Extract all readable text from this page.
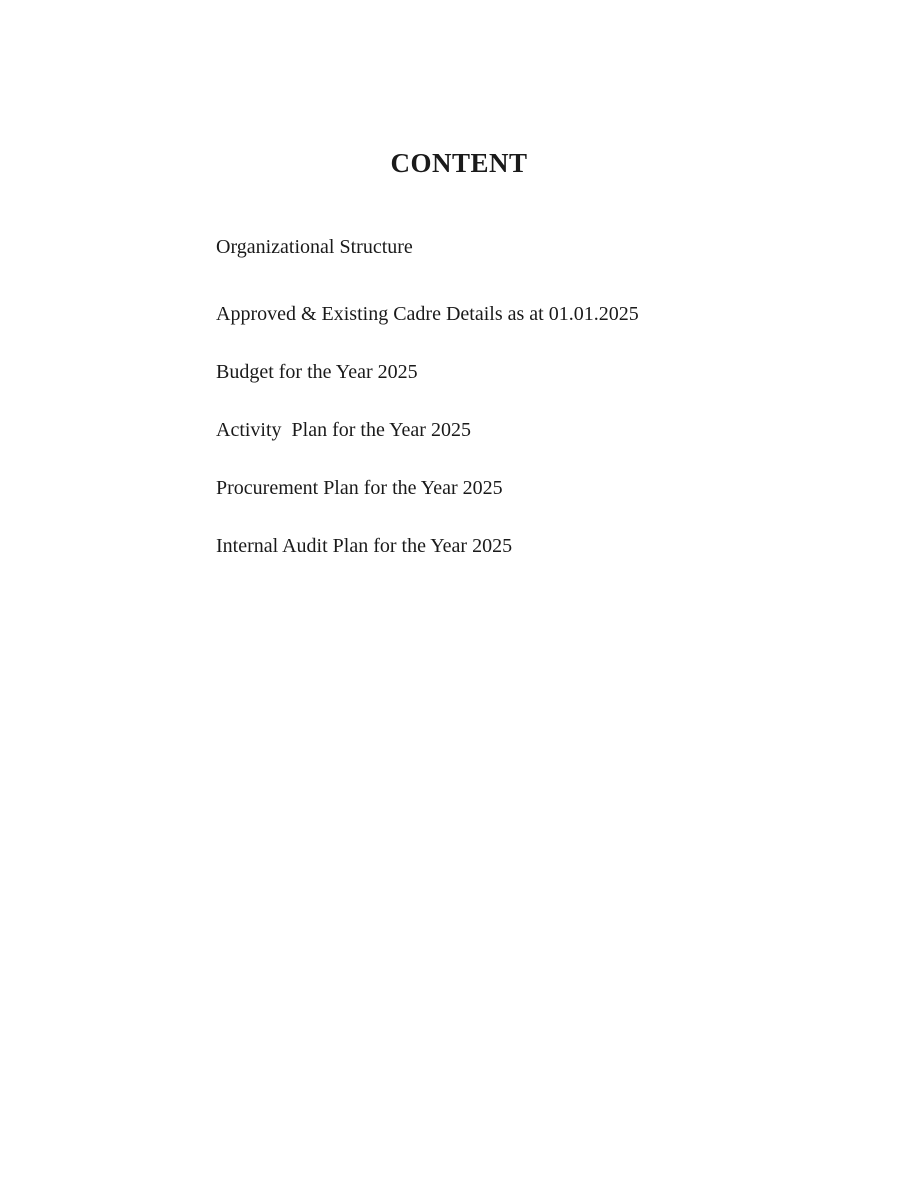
CONTENT
Organizational Structure
Approved & Existing Cadre Details as at 01.01.2025
Budget for the Year 2025
Activity  Plan for the Year 2025
Procurement Plan for the Year 2025
Internal Audit Plan for the Year 2025
